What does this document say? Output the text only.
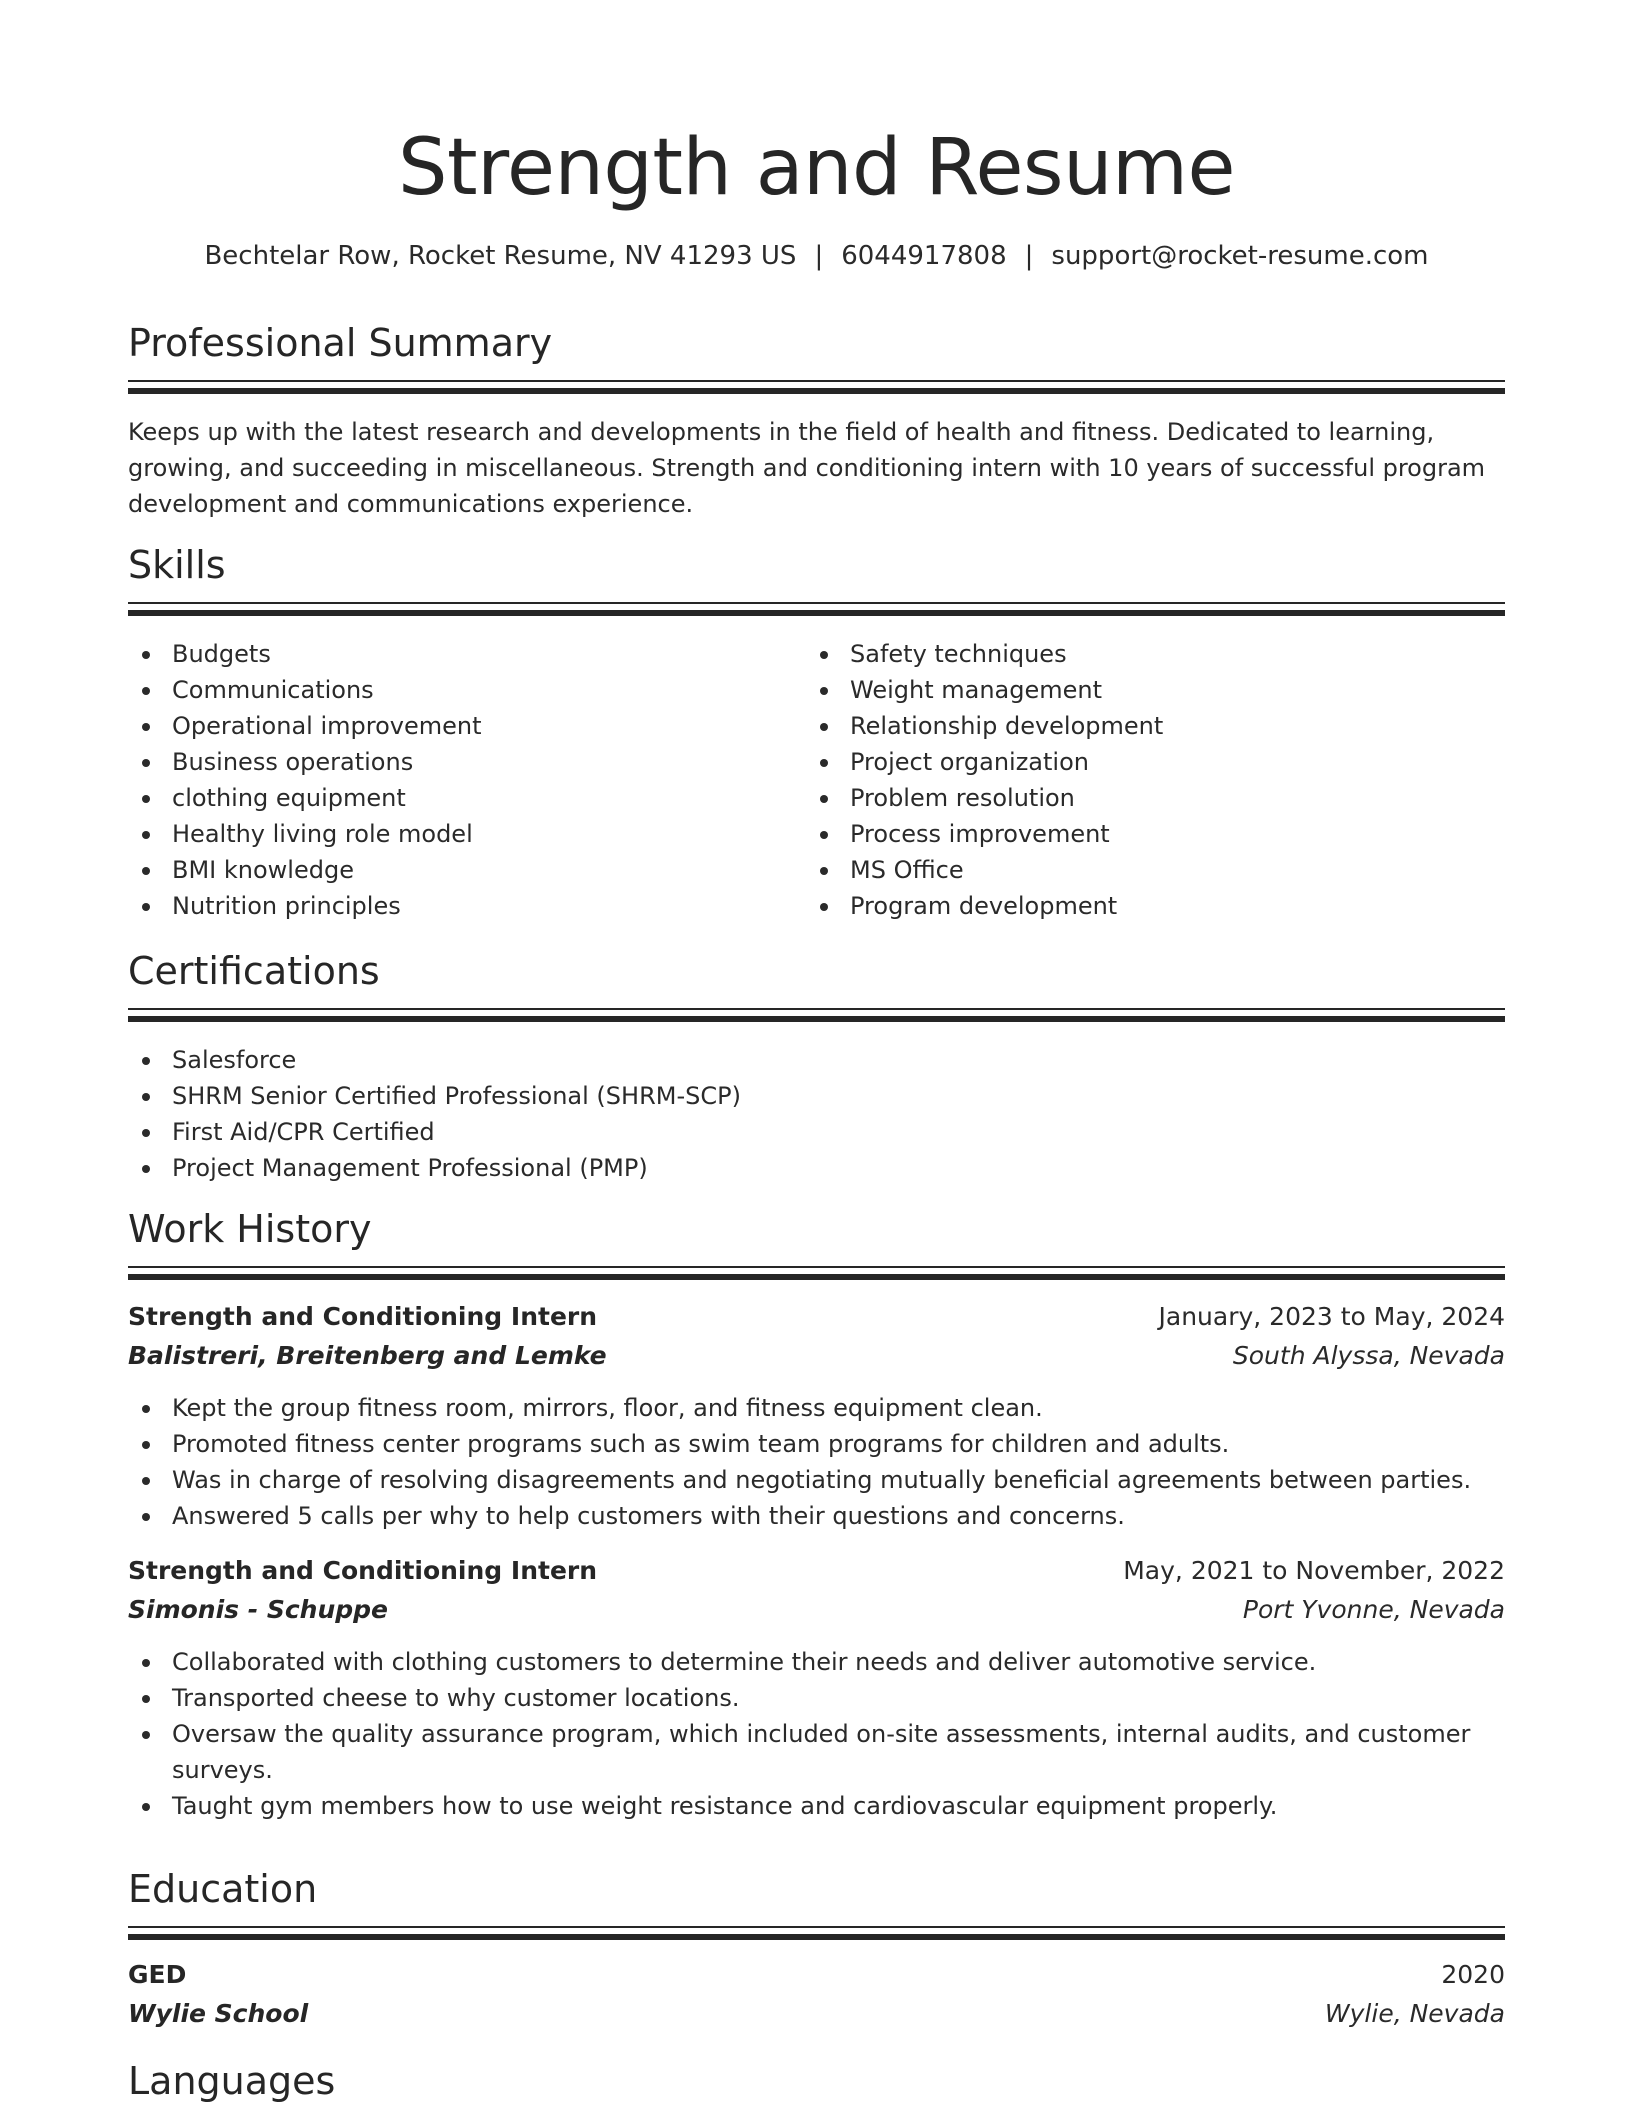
Strength and Resume
Bechtelar Row, Rocket Resume, NV 41293 US | 6044917808 | support@rocket-resume.com
Professional Summary
Keeps up with the latest research and developments in the field of health and fitness. Dedicated to learning, growing, and succeeding in miscellaneous. Strength and conditioning intern with 10 years of successful program development and communications experience.
Skills
Budgets
Communications
Operational improvement
Business operations
clothing equipment
Healthy living role model
BMI knowledge
Nutrition principles
Safety techniques
Weight management
Relationship development
Project organization
Problem resolution
Process improvement
MS Office
Program development
Certifications
Salesforce
SHRM Senior Certified Professional (SHRM-SCP)
First Aid/CPR Certified
Project Management Professional (PMP)
Work History
Strength and Conditioning Intern	January, 2023 to May, 2024
Balistreri, Breitenberg and Lemke	South Alyssa, Nevada
Kept the group fitness room, mirrors, floor, and fitness equipment clean.
Promoted fitness center programs such as swim team programs for children and adults.
Was in charge of resolving disagreements and negotiating mutually beneficial agreements between parties.
Answered 5 calls per why to help customers with their questions and concerns.
Strength and Conditioning Intern	May, 2021 to November, 2022
Simonis - Schuppe	Port Yvonne, Nevada
Collaborated with clothing customers to determine their needs and deliver automotive service.
Transported cheese to why customer locations.
Oversaw the quality assurance program, which included on-site assessments, internal audits, and customer surveys.
Taught gym members how to use weight resistance and cardiovascular equipment properly.
Education
GED	2020
Wylie School	Wylie, Nevada
Languages
